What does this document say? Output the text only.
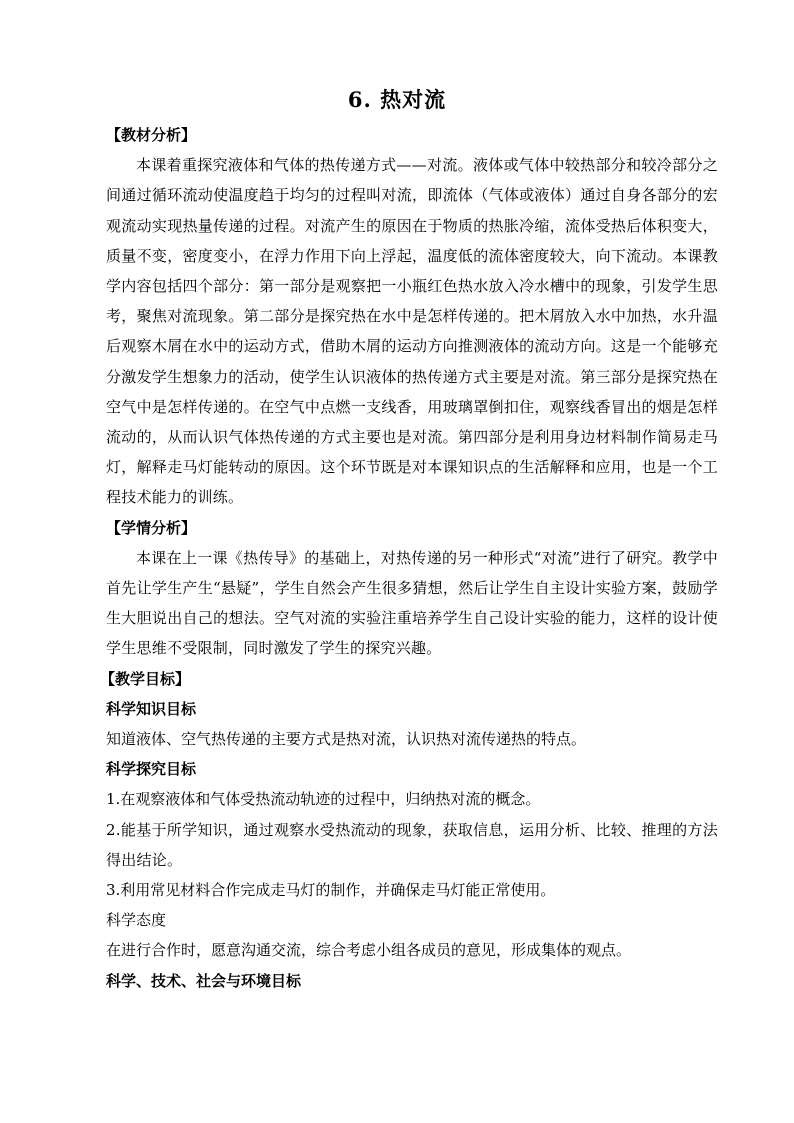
6. 热对流
【教材分析】

本课着重探究液体和气体的热传递方式——对流。液体或气体中较热部分和较冷部分之间通过循环流动使温度趋于均匀的过程叫对流，即流体（气体或液体）通过自身各部分的宏观流动实现热量传递的过程。对流产生的原因在于物质的热胀冷缩，流体受热后体积变大，质量不变，密度变小，在浮力作用下向上浮起，温度低的流体密度较大，向下流动。本课教学内容包括四个部分：第一部分是观察把一小瓶红色热水放入冷水槽中的现象，引发学生思考，聚焦对流现象。第二部分是探究热在水中是怎样传递的。把木屑放入水中加热，水升温后观察木屑在水中的运动方式，借助木屑的运动方向推测液体的流动方向。这是一个能够充分激发学生想象力的活动，使学生认识液体的热传递方式主要是对流。第三部分是探究热在空气中是怎样传递的。在空气中点燃一支线香，用玻璃罩倒扣住，观察线香冒出的烟是怎样流动的，从而认识气体热传递的方式主要也是对流。第四部分是利用身边材料制作简易走马灯，解释走马灯能转动的原因。这个环节既是对本课知识点的生活解释和应用，也是一个工程技术能力的训练。

【学情分析】

本课在上一课《热传导》的基础上，对热传递的另一种形式“对流”进行了研究。教学中首先让学生产生“悬疑”，学生自然会产生很多猜想，然后让学生自主设计实验方案，鼓励学生大胆说出自己的想法。空气对流的实验注重培养学生自己设计实验的能力，这样的设计使学生思维不受限制，同时激发了学生的探究兴趣。

【教学目标】

科学知识目标

知道液体、空气热传递的主要方式是热对流，认识热对流传递热的特点。

科学探究目标

1.在观察液体和气体受热流动轨迹的过程中，归纳热对流的概念。

2.能基于所学知识，通过观察水受热流动的现象，获取信息，运用分析、比较、推理的方法得出结论。

3.利用常见材料合作完成走马灯的制作，并确保走马灯能正常使用。

科学态度

在进行合作时，愿意沟通交流，综合考虑小组各成员的意见，形成集体的观点。

科学、技术、社会与环境目标
